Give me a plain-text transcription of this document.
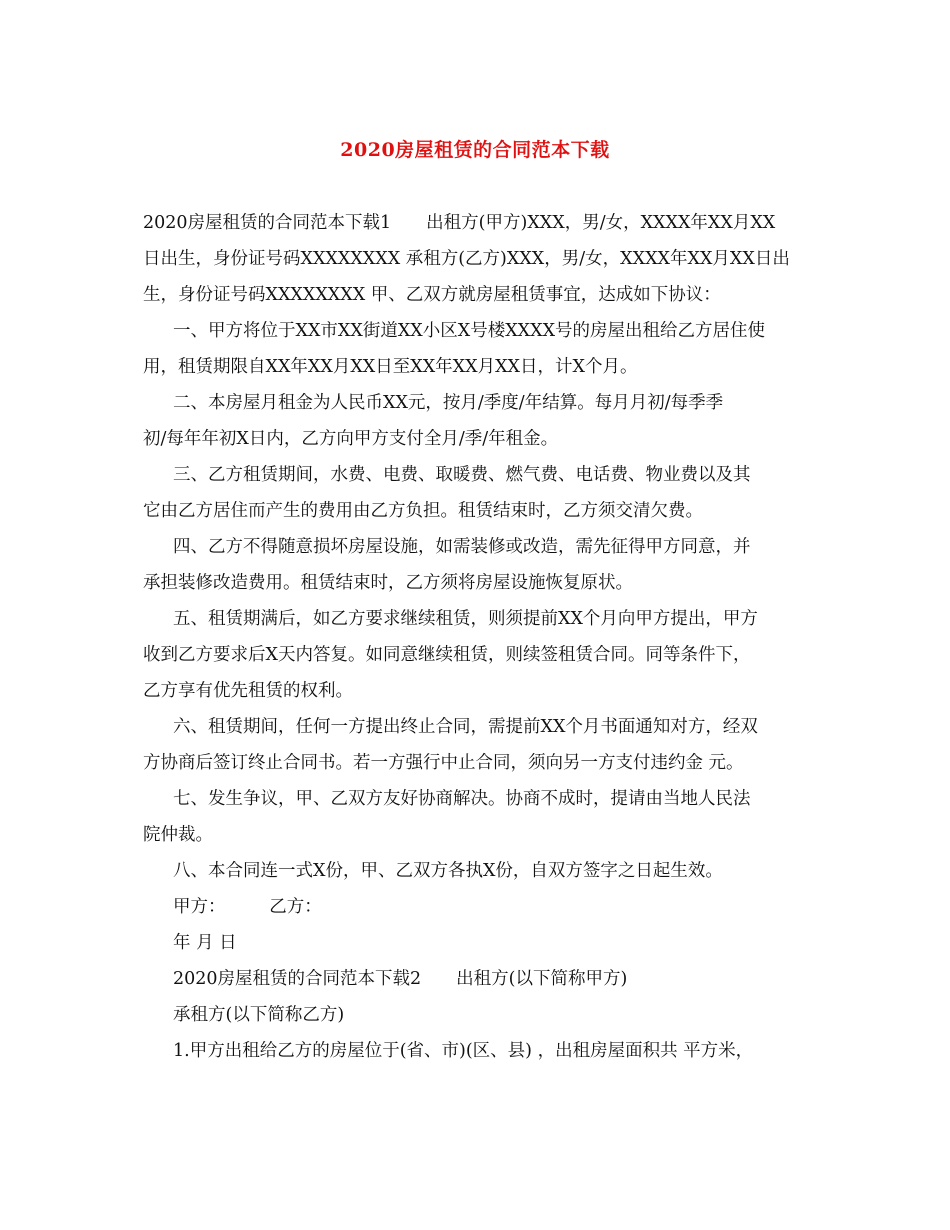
2020房屋租赁的合同范本下载

2020房屋租赁的合同范本下载1　　出租方(甲方)XXX，男/女，XXXX年XX月XX
日出生，身份证号码XXXXXXXX 承租方(乙方)XXX，男/女，XXXX年XX月XX日出
生，身份证号码XXXXXXXX 甲、乙双方就房屋租赁事宜，达成如下协议：

一、甲方将位于XX市XX街道XX小区X号楼XXXX号的房屋出租给乙方居住使
用，租赁期限自XX年XX月XX日至XX年XX月XX日，计X个月。

二、本房屋月租金为人民币XX元，按月/季度/年结算。每月月初/每季季
初/每年年初X日内，乙方向甲方支付全月/季/年租金。

三、乙方租赁期间，水费、电费、取暖费、燃气费、电话费、物业费以及其
它由乙方居住而产生的费用由乙方负担。租赁结束时，乙方须交清欠费。

四、乙方不得随意损坏房屋设施，如需装修或改造，需先征得甲方同意，并
承担装修改造费用。租赁结束时，乙方须将房屋设施恢复原状。

五、租赁期满后，如乙方要求继续租赁，则须提前XX个月向甲方提出，甲方
收到乙方要求后X天内答复。如同意继续租赁，则续签租赁合同。同等条件下，
乙方享有优先租赁的权利。

六、租赁期间，任何一方提出终止合同，需提前XX个月书面通知对方，经双
方协商后签订终止合同书。若一方强行中止合同，须向另一方支付违约金 元。

七、发生争议，甲、乙双方友好协商解决。协商不成时，提请由当地人民法
院仲裁。

八、本合同连一式X份，甲、乙双方各执X份，自双方签字之日起生效。

甲方：　　　乙方：

年 月 日

2020房屋租赁的合同范本下载2　　出租方(以下简称甲方)

承租方(以下简称乙方)

1.甲方出租给乙方的房屋位于(省、市)(区、县) ，出租房屋面积共 平方米，
